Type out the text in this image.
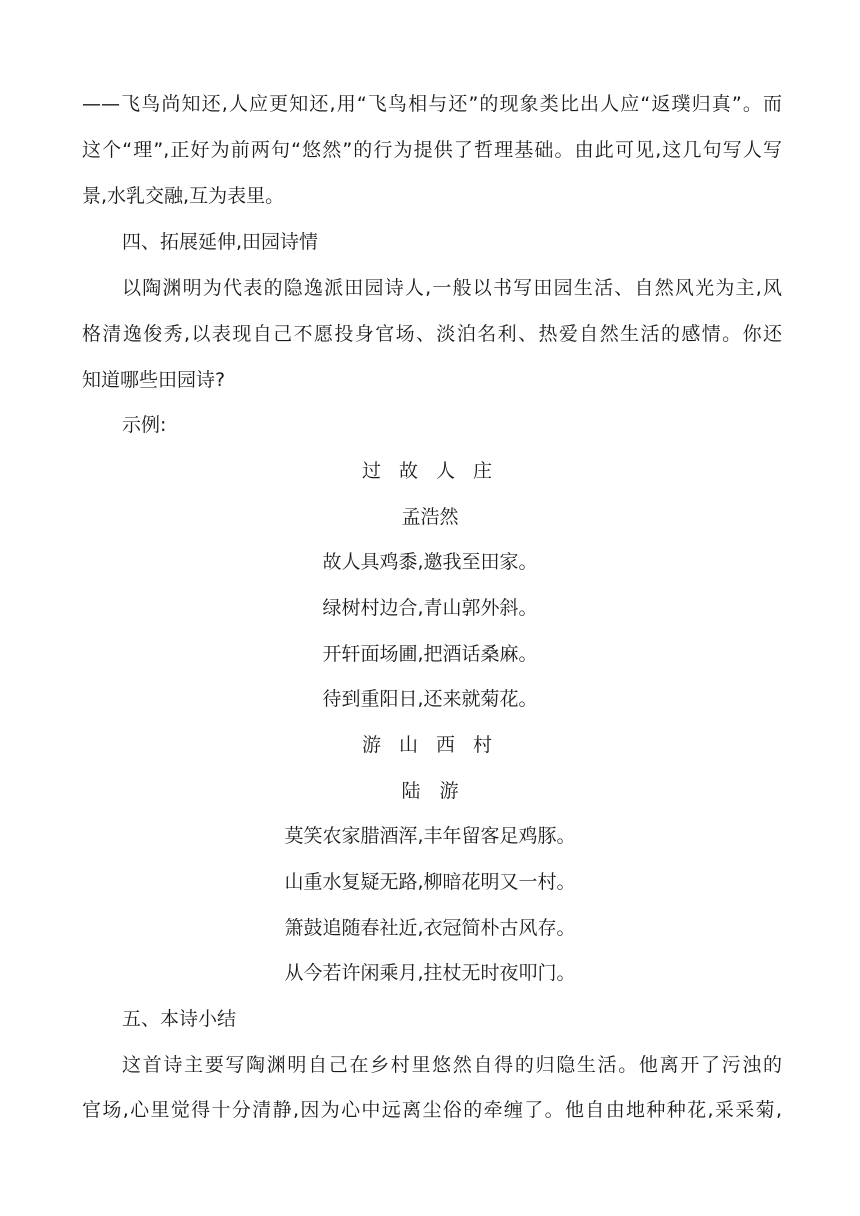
——飞鸟尚知还,人应更知还,用“飞鸟相与还”的现象类比出人应“返璞归真”。而
这个“理”,正好为前两句“悠然”的行为提供了哲理基础。由此可见,这几句写人写
景,水乳交融,互为表里。
四、拓展延伸,田园诗情
以陶渊明为代表的隐逸派田园诗人,一般以书写田园生活、自然风光为主,风
格清逸俊秀,以表现自己不愿投身官场、淡泊名利、热爱自然生活的感情。你还
知道哪些田园诗?
示例:
过 故 人 庄
孟浩然
故人具鸡黍,邀我至田家。
绿树村边合,青山郭外斜。
开轩面场圃,把酒话桑麻。
待到重阳日,还来就菊花。
游 山 西 村
陆　游
莫笑农家腊酒浑,丰年留客足鸡豚。
山重水复疑无路,柳暗花明又一村。
箫鼓追随春社近,衣冠简朴古风存。
从今若许闲乘月,拄杖无时夜叩门。
五、本诗小结
这首诗主要写陶渊明自己在乡村里悠然自得的归隐生活。他离开了污浊的
官场,心里觉得十分清静,因为心中远离尘俗的牵缠了。他自由地种种花,采采菊,
